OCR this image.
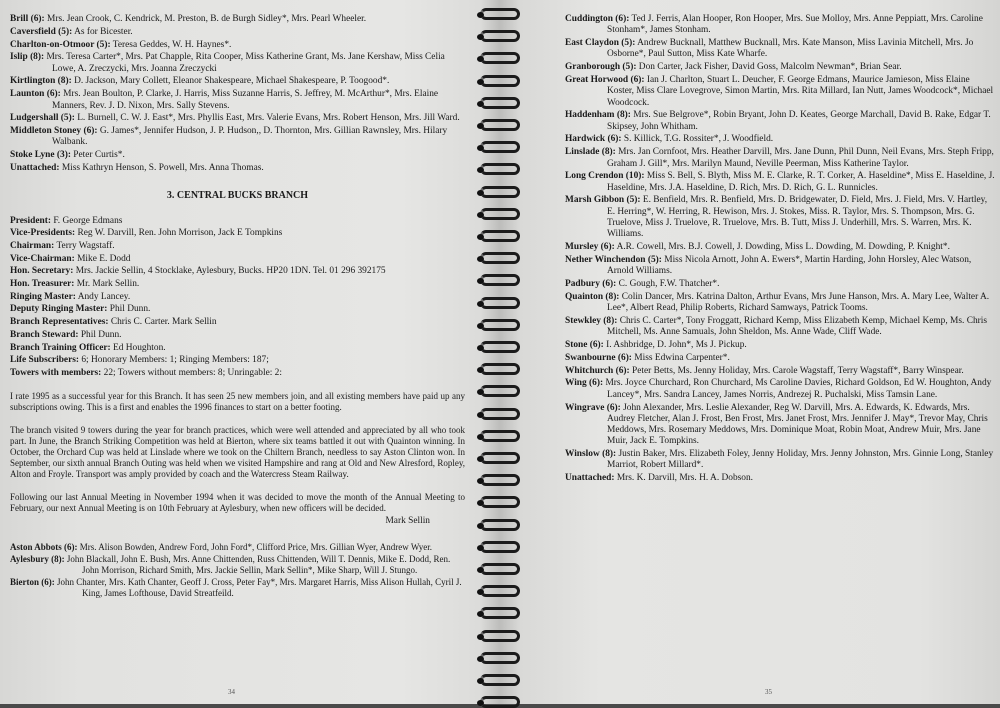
Brill (6): Mrs. Jean Crook, C. Kendrick, M. Preston, B. de Burgh Sidley*, Mrs. Pearl Wheeler.
Caversfield (5): As for Bicester.
Charlton-on-Otmoor (5): Teresa Geddes, W. H. Haynes*.
Islip (8): Mrs. Teresa Carter*, Mrs. Pat Chapple, Rita Cooper, Miss Katherine Grant, Ms. Jane Kershaw, Miss Celia Lowe, A. Zreczycki, Mrs. Joanna Zreczycki
Kirtlington (8): D. Jackson, Mary Collett, Eleanor Shakespeare, Michael Shakespeare, P. Toogood*.
Launton (6): Mrs. Jean Boulton, P. Clarke, J. Harris, Miss Suzanne Harris, S. Jeffrey, M. McArthur*, Mrs. Elaine Manners, Rev. J. D. Nixon, Mrs. Sally Stevens.
Ludgershall (5): L. Burnell, C. W. J. East*, Mrs. Phyllis East, Mrs. Valerie Evans, Mrs. Robert Henson, Mrs. Jill Ward.
Middleton Stoney (6): G. James*, Jennifer Hudson, J. P. Hudson,, D. Thornton, Mrs. Gillian Rawnsley, Mrs. Hilary Walbank.
Stoke Lyne (3): Peter Curtis*.
Unattached: Miss Kathryn Henson, S. Powell, Mrs. Anna Thomas.
3. CENTRAL BUCKS BRANCH
President: F. George Edmans
Vice-Presidents: Reg W. Darvill, Ren. John Morrison, Jack E Tompkins
Chairman: Terry Wagstaff.
Vice-Chairman: Mike E. Dodd
Hon. Secretary: Mrs. Jackie Sellin, 4 Stocklake, Aylesbury, Bucks. HP20 1DN. Tel. 01 296 392175
Hon. Treasurer: Mr. Mark Sellin.
Ringing Master: Andy Lancey.
Deputy Ringing Master: Phil Dunn.
Branch Representatives: Chris C. Carter. Mark Sellin
Branch Steward: Phil Dunn.
Branch Training Officer: Ed Houghton.
Life Subscribers: 6; Honorary Members: 1; Ringing Members: 187;
Towers with members: 22; Towers without members: 8; Unringable: 2:

I rate 1995 as a successful year for this Branch. It has seen 25 new members join, and all existing members have paid up any subscriptions owing. This is a first and enables the 1996 finances to start on a better footing.

The branch visited 9 towers during the year for branch practices, which were well attended and appreciated by all who took part. In June, the Branch Striking Competition was held at Bierton, where six teams battled it out with Quainton winning. In October, the Orchard Cup was held at Linslade where we took on the Chiltern Branch, needless to say Aston Clinton won. In September, our sixth annual Branch Outing was held when we visited Hampshire and rang at Old and New Alresford, Ropley, Alton and Froyle. Transport was amply provided by coach and the Watercress Steam Railway.

Following our last Annual Meeting in November 1994 when it was decided to move the month of the Annual Meeting to February, our next Annual Meeting is on 10th February at Aylesbury, when new officers will be decided.

Mark Sellin
Aston Abbots (6): Mrs. Alison Bowden, Andrew Ford, John Ford*, Clifford Price, Mrs. Gillian Wyer, Andrew Wyer.
Aylesbury (8): John Blackall, John E. Bush, Mrs. Anne Chittenden, Russ Chittenden, Will T. Dennis, Mike E. Dodd, Ren. John Morrison, Richard Smith, Mrs. Jackie Sellin, Mark Sellin*, Mike Sharp, Will J. Stungo.
Bierton (6): John Chanter, Mrs. Kath Chanter, Geoff J. Cross, Peter Fay*, Mrs. Margaret Harris, Miss Alison Hullah, Cyril J. King, James Lofthouse, David Streatfeild.
34
Cuddington (6): Ted J. Ferris, Alan Hooper, Ron Hooper, Mrs. Sue Molloy, Mrs. Anne Peppiatt, Mrs. Caroline Stonham*, James Stonham.
East Claydon (5): Andrew Bucknall, Matthew Bucknall, Mrs. Kate Manson, Miss Lavinia Mitchell, Mrs. Jo Osborne*, Paul Sutton, Miss Kate Wharfe.
Granborough (5): Don Carter, Jack Fisher, David Goss, Malcolm Newman*, Brian Sear.
Great Horwood (6): Ian J. Charlton, Stuart L. Deucher, F. George Edmans, Maurice Jamieson, Miss Elaine Koster, Miss Clare Lovegrove, Simon Martin, Mrs. Rita Millard, Ian Nutt, James Woodcock*, Michael Woodcock.
Haddenham (8): Mrs. Sue Belgrove*, Robin Bryant, John D. Keates, George Marchall, David B. Rake, Edgar T. Skipsey, John Whitham.
Hardwick (6): S. Killick, T.G. Rossiter*, J. Woodfield.
Linslade (8): Mrs. Jan Cornfoot, Mrs. Heather Darvill, Mrs. Jane Dunn, Phil Dunn, Neil Evans, Mrs. Steph Fripp, Graham J. Gill*, Mrs. Marilyn Maund, Neville Peerman, Miss Katherine Taylor.
Long Crendon (10): Miss S. Bell, S. Blyth, Miss M. E. Clarke, R. T. Corker, A. Haseldine*, Miss E. Haseldine, J. Haseldine, Mrs. J.A. Haseldine, D. Rich, Mrs. D. Rich, G. L. Runnicles.
Marsh Gibbon (5): E. Benfield, Mrs. R. Benfield, Mrs. D. Bridgewater, D. Field, Mrs. J. Field, Mrs. V. Hartley, E. Herring*, W. Herring, R. Hewison, Mrs. J. Stokes, Miss. R. Taylor, Mrs. S. Thompson, Mrs. G. Truelove, Miss J. Truelove, R. Truelove, Mrs. B. Tutt, Miss J. Underhill, Mrs. S. Warren, Mrs. K. Williams.
Mursley (6): A.R. Cowell, Mrs. B.J. Cowell, J. Dowding, Miss L. Dowding, M. Dowding, P. Knight*.
Nether Winchendon (5): Miss Nicola Arnott, John A. Ewers*, Martin Harding, John Horsley, Alec Watson, Arnold Williams.
Padbury (6): C. Gough, F.W. Thatcher*.
Quainton (8): Colin Dancer, Mrs. Katrina Dalton, Arthur Evans, Mrs June Hanson, Mrs. A. Mary Lee, Walter A. Lee*, Albert Read, Philip Roberts, Richard Samways, Patrick Tooms.
Stewkley (8): Chris C. Carter*, Tony Froggatt, Richard Kemp, Miss Elizabeth Kemp, Michael Kemp, Ms. Chris Mitchell, Ms. Anne Samuals, John Sheldon, Ms. Anne Wade, Cliff Wade.
Stone (6): I. Ashbridge, D. John*, Ms J. Pickup.
Swanbourne (6): Miss Edwina Carpenter*.
Whitchurch (6): Peter Betts, Ms. Jenny Holiday, Mrs. Carole Wagstaff, Terry Wagstaff*, Barry Winspear.
Wing (6): Mrs. Joyce Churchard, Ron Churchard, Ms Caroline Davies, Richard Goldson, Ed W. Houghton, Andy Lancey*, Mrs. Sandra Lancey, James Norris, Andrezej R. Puchalski, Miss Tamsin Lane.
Wingrave (6): John Alexander, Mrs. Leslie Alexander, Reg W. Darvill, Mrs. A. Edwards, K. Edwards, Mrs. Audrey Fletcher, Alan J. Frost, Ben Frost, Mrs. Janet Frost, Mrs. Jennifer J. May*, Trevor May, Chris Meddows, Mrs. Rosemary Meddows, Mrs. Dominique Moat, Robin Moat, Andrew Muir, Mrs. Jane Muir, Jack E. Tompkins.
Winslow (8): Justin Baker, Mrs. Elizabeth Foley, Jenny Holiday, Mrs. Jenny Johnston, Mrs. Ginnie Long, Stanley Marriot, Robert Millard*.
Unattached: Mrs. K. Darvill, Mrs. H. A. Dobson.
35
